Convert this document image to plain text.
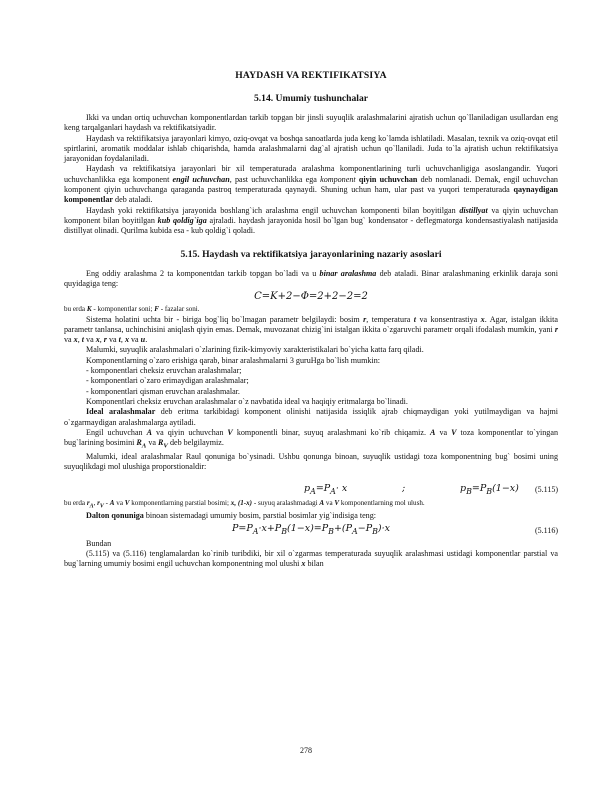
HAYDASH VA REKTIFIKATSIYA
5.14. Umumiy tushunchalar

Ikki va undan ortiq uchuvchan komponentlardan tarkib topgan bir jinsli suyuqlik aralashmalarini ajratish uchun qo`llaniladigan usullardan eng keng tarqalganlari haydash va rektifikatsiyadir.

Haydash va rektifikatsiya jarayonlari kimyo, oziq-ovqat va boshqa sanoatlarda juda keng ko`lamda ishlatiladi. Masalan, texnik va oziq-ovqat etil spirtlarini, aromatik moddalar ishlab chiqarishda, hamda aralashmalarni dag`al ajratish uchun qo`llaniladi. Juda to`la ajratish uchun rektifikatsiya jarayonidan foydalaniladi.

Haydash va rektifikatsiya jarayonlari bir xil temperaturada aralashma komponentlarining turli uchuvchanligiga asoslangandir. Yuqori uchuvchanlikka ega komponent engil uchuvchan, past uchuvchanlikka ega komponent qiyin uchuvchan deb nomlanadi. Demak, engil uchuvchan komponent qiyin uchuvchanga qaraganda pastroq temperaturada qaynaydi. Shuning uchun ham, ular past va yuqori temperaturada qaynaydigan komponentlar deb ataladi.

Haydash yoki rektifikatsiya jarayonida boshlang`ich aralashma engil uchuvchan komponenti bilan boyitilgan distillyat va qiyin uchuvchan komponent bilan boyitilgan kub qoldig`iga ajraladi. haydash jarayonida hosil bo`lgan bug` kondensator - deflegmatorga kondensastiyalash natijasida distillyat olinadi. Qurilma kubida esa - kub qoldig`i qoladi.

5.15. Haydash va rektifikatsiya jarayonlarining nazariy asoslari

Eng oddiy aralashma 2 ta komponentdan tarkib topgan bo`ladi va u binar aralashma deb ataladi. Binar aralashmaning erkinlik daraja soni quyidagiga teng:

C=K+2−Φ=2+2−2=2

bu erda K - komponentlar soni; F - fazalar soni.

Sistema holatini uchta bir - biriga bog`liq bo`lmagan parametr belgilaydi: bosim r, temperatura t va konsentrastiya x. Agar, istalgan ikkita parametr tanlansa, uchinchisini aniqlash qiyin emas. Demak, muvozanat chizig`ini istalgan ikkita o`zgaruvchi parametr orqali ifodalash mumkin, yani r va x, t va x, r va t, x va u.

Malumki, suyuqlik aralashmalari o`zlarining fizik-kimyoviy xarakteristikalari bo`yicha katta farq qiladi.

Komponentlarning o`zaro erishiga qarab, binar aralashmalarni 3 guruHga bo`lish mumkin:

- komponentlari cheksiz eruvchan aralashmalar;
- komponentlari o`zaro erimaydigan aralashmalar;
- komponentlari qisman eruvchan aralashmalar.

Komponentlari cheksiz eruvchan aralashmalar o`z navbatida ideal va haqiqiy eritmalarga bo`linadi.

Ideal aralashmalar deb eritma tarkibidagi komponent olinishi natijasida issiqlik ajrab chiqmaydigan yoki yutilmaydigan va hajmi o`zgarmaydigan aralashmalarga aytiladi.

Engil uchuvchan A va qiyin uchuvchan V komponentli binar, suyuq aralashmani ko`rib chiqamiz. A va V toza komponentlar to`yingan bug`larining bosimini $R_A$ va $R_V$ deb belgilaymiz.

Malumki, ideal aralashmalar Raul qonuniga bo`ysinadi. Ushbu qonunga binoan, suyuqlik ustidagi toza komponentning bug` bosimi uning suyuqlikdagi mol ulushiga proporstionaldir:

$p_A=P_A\cdot x$	;	$p_B=P_B(1-x)$ (5.115)

bu erda $r_A$, $r_V$ - A va V komponentlarning parstial bosimi; x, (1-x) - suyuq aralashmadagi A va V komponentlarning mol ulush.

Dalton qonuniga binoan sistemadagi umumiy bosim, parstial bosimlar yig`indisiga teng:

$P=P_A\cdot x+P_B(1-x)=P_B+(P_A-P_B)\cdot x$	(5.116)

Bundan

(5.115) va (5.116) tenglamalardan ko`rinib turibdiki, bir xil o`zgarmas temperaturada suyuqlik aralashmasi ustidagi komponentlar parstial va bug`larning umumiy bosimi engil uchuvchan komponentning mol ulushi x bilan

278
